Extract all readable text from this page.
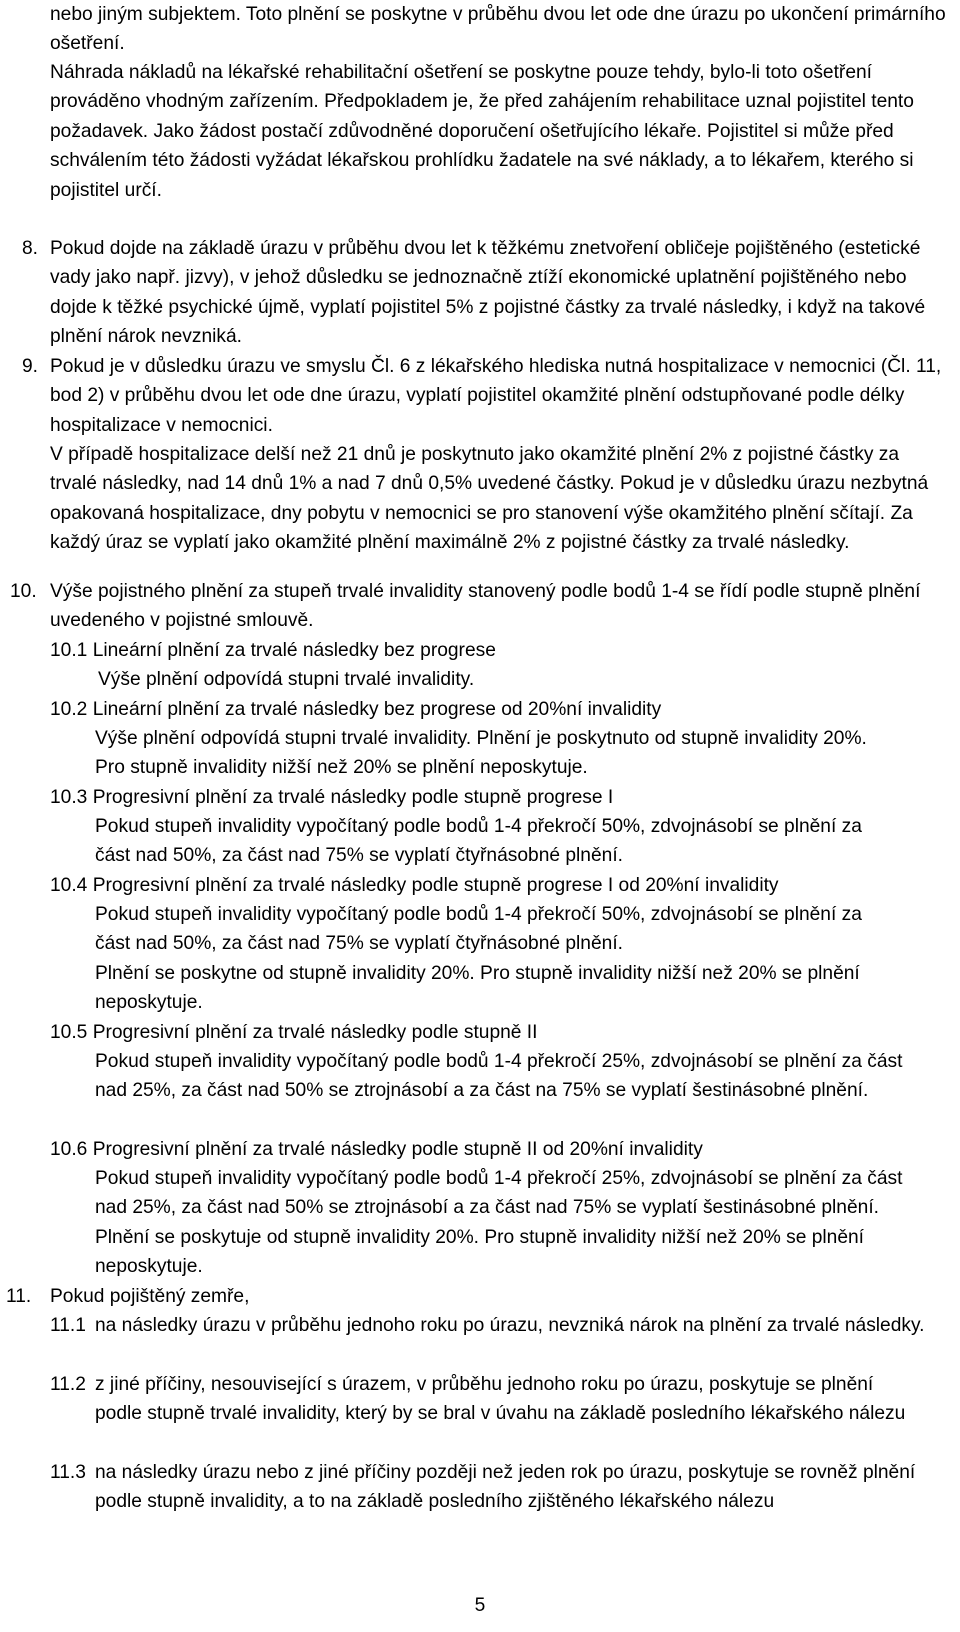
nebo jiným subjektem. Toto plnění se poskytne v průběhu dvou let ode dne úrazu po ukončení primárního ošetření.
Náhrada nákladů na lékařské rehabilitační ošetření se poskytne pouze tehdy, bylo-li toto ošetření prováděno vhodným zařízením. Předpokladem je, že před zahájením rehabilitace uznal pojistitel tento požadavek. Jako žádost postačí zdůvodněné doporučení ošetřujícího lékaře. Pojistitel si může před schválením této žádosti vyžádat lékařskou prohlídku žadatele na své náklady, a to lékařem, kterého si pojistitel určí.
8. Pokud dojde na základě úrazu v průběhu dvou let k těžkému znetvoření obličeje pojištěného (estetické vady jako např. jizvy), v jehož důsledku se jednoznačně ztíží ekonomické uplatnění pojištěného nebo dojde k těžké psychické újmě, vyplatí pojistitel 5% z pojistné částky za trvalé následky, i když na takové plnění nárok nevzniká.
9. Pokud je v důsledku úrazu ve smyslu Čl. 6 z lékařského hlediska nutná hospitalizace v nemocnici (Čl. 11, bod 2) v průběhu dvou let ode dne úrazu, vyplatí pojistitel okamžité plnění odstupňované podle délky hospitalizace v nemocnici.
V případě hospitalizace delší než 21 dnů je poskytnuto jako okamžité plnění 2% z pojistné částky za trvalé následky, nad 14 dnů 1% a nad 7 dnů 0,5% uvedené částky. Pokud je v důsledku úrazu nezbytná opakovaná hospitalizace, dny pobytu v nemocnici se pro stanovení výše okamžitého plnění sčítají. Za každý úraz se vyplatí jako okamžité plnění maximálně 2% z pojistné částky za trvalé následky.
10. Výše pojistného plnění za stupeň trvalé invalidity stanovený podle bodů 1-4 se řídí podle stupně plnění uvedeného v pojistné smlouvě.
10.1 Lineární plnění za trvalé následky bez progrese
Výše plnění odpovídá stupni trvalé invalidity.
10.2 Lineární plnění za trvalé následky bez progrese od 20%ní invalidity
Výše plnění odpovídá stupni trvalé invalidity. Plnění je poskytnuto od stupně invalidity 20%. Pro stupně invalidity nižší než 20% se plnění neposkytuje.
10.3 Progresivní plnění za trvalé následky podle stupně progrese I
Pokud stupeň invalidity vypočítaný podle bodů 1-4 překročí 50%, zdvojnásobí se plnění za část nad 50%, za část nad 75% se vyplatí čtyřnásobné plnění.
10.4 Progresivní plnění za trvalé následky podle stupně progrese I od 20%ní invalidity
Pokud stupeň invalidity vypočítaný podle bodů 1-4 překročí 50%, zdvojnásobí se plnění za část nad 50%, za část nad 75% se vyplatí čtyřnásobné plnění.
Plnění se poskytne od stupně invalidity 20%. Pro stupně invalidity nižší než 20% se plnění neposkytuje.
10.5 Progresivní plnění za trvalé následky podle stupně II
Pokud stupeň invalidity vypočítaný podle bodů 1-4 překročí 25%, zdvojnásobí se plnění za část nad 25%, za část nad 50% se ztrojnásobí a za část na 75% se vyplatí šestinásobné plnění.
10.6 Progresivní plnění za trvalé následky podle stupně II od 20%ní invalidity
Pokud stupeň invalidity vypočítaný podle bodů 1-4 překročí 25%, zdvojnásobí se plnění za část nad 25%, za část nad 50% se ztrojnásobí a za část nad 75% se vyplatí šestinásobné plnění. Plnění se poskytuje od stupně invalidity 20%. Pro stupně invalidity nižší než 20% se plnění neposkytuje.
11. Pokud pojištěný zemře,
11.1 na následky úrazu v průběhu jednoho roku po úrazu, nevzniká nárok na plnění za trvalé následky.
11.2 z jiné příčiny, nesouvisející s úrazem, v průběhu jednoho roku po úrazu, poskytuje se plnění podle stupně trvalé invalidity, který by se bral v úvahu na základě posledního lékařského nálezu
11.3 na následky úrazu nebo z jiné příčiny později než jeden rok po úrazu, poskytuje se rovněž plnění podle stupně invalidity, a to na základě posledního zjištěného lékařského nálezu
5
